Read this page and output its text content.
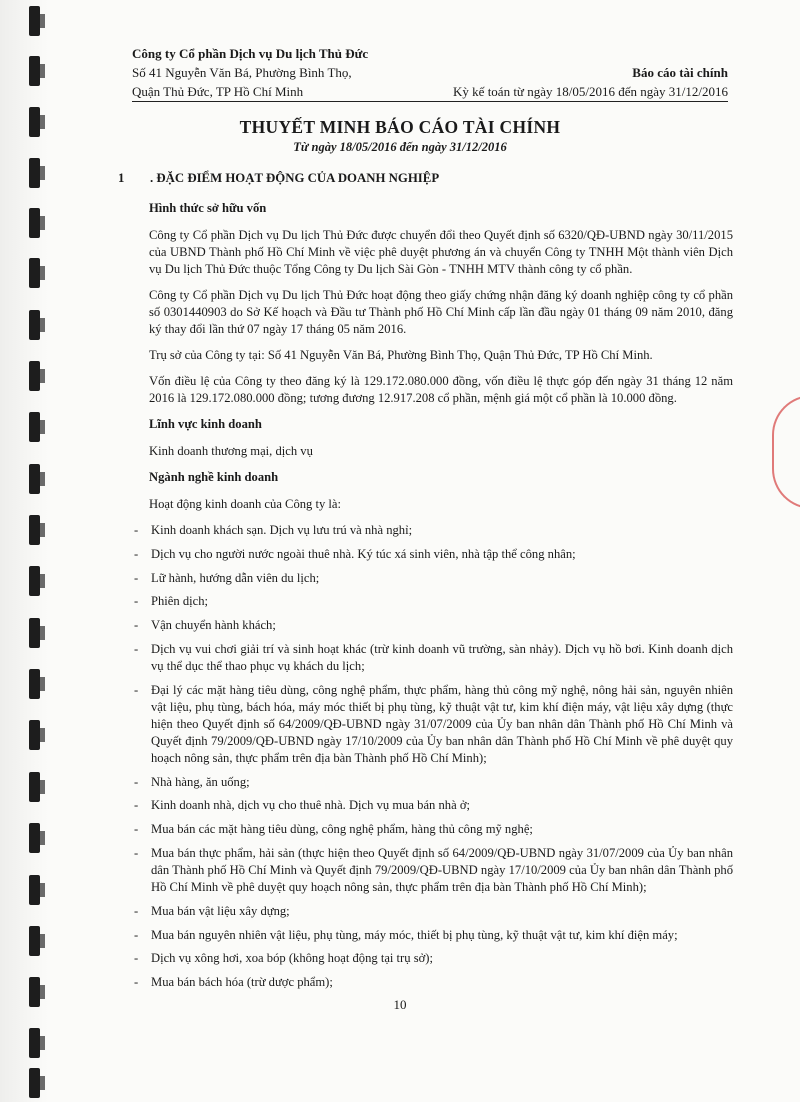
Công ty Cổ phần Dịch vụ Du lịch Thủ Đức
Số 41 Nguyễn Văn Bá, Phường Bình Thọ,
Quận Thủ Đức, TP Hồ Chí Minh
Báo cáo tài chính
Kỳ kế toán từ ngày 18/05/2016 đến ngày 31/12/2016
THUYẾT MINH BÁO CÁO TÀI CHÍNH
Từ ngày 18/05/2016 đến ngày 31/12/2016
1	. ĐẶC ĐIỂM HOẠT ĐỘNG CỦA DOANH NGHIỆP
Hình thức sở hữu vốn

Công ty Cổ phần Dịch vụ Du lịch Thủ Đức được chuyển đổi theo Quyết định số 6320/QĐ-UBND ngày 30/11/2015 của UBND Thành phố Hồ Chí Minh về việc phê duyệt phương án và chuyển Công ty TNHH Một thành viên Dịch vụ Du lịch Thủ Đức thuộc Tổng Công ty Du lịch Sài Gòn - TNHH MTV thành công ty cổ phần.

Công ty Cổ phần Dịch vụ Du lịch Thủ Đức hoạt động theo giấy chứng nhận đăng ký doanh nghiệp công ty cổ phần số 0301440903 do Sở Kế hoạch và Đầu tư Thành phố Hồ Chí Minh cấp lần đầu ngày 01 tháng 09 năm 2010, đăng ký thay đổi lần thứ 07 ngày 17 tháng 05 năm 2016.

Trụ sở của Công ty tại: Số 41 Nguyễn Văn Bá, Phường Bình Thọ, Quận Thủ Đức, TP Hồ Chí Minh.

Vốn điều lệ của Công ty theo đăng ký là 129.172.080.000 đồng, vốn điều lệ thực góp đến ngày 31 tháng 12 năm 2016 là 129.172.080.000 đồng; tương đương 12.917.208 cổ phần, mệnh giá một cổ phần là 10.000 đồng.

Lĩnh vực kinh doanh

Kinh doanh thương mại, dịch vụ

Ngành nghề kinh doanh

Hoạt động kinh doanh của Công ty là:

-	Kinh doanh khách sạn. Dịch vụ lưu trú và nhà nghỉ;
-	Dịch vụ cho người nước ngoài thuê nhà. Ký túc xá sinh viên, nhà tập thể công nhân;
-	Lữ hành, hướng dẫn viên du lịch;
-	Phiên dịch;
-	Vận chuyển hành khách;
-	Dịch vụ vui chơi giải trí và sinh hoạt khác (trừ kinh doanh vũ trường, sàn nhảy). Dịch vụ hồ bơi. Kinh doanh dịch vụ thể dục thể thao phục vụ khách du lịch;
-	Đại lý các mặt hàng tiêu dùng, công nghệ phẩm, thực phẩm, hàng thủ công mỹ nghệ, nông hải sản, nguyên nhiên vật liệu, phụ tùng, bách hóa, máy móc thiết bị phụ tùng, kỹ thuật vật tư, kim khí điện máy, vật liệu xây dựng (thực hiện theo Quyết định số 64/2009/QĐ-UBND ngày 31/07/2009 của Ủy ban nhân dân Thành phố Hồ Chí Minh và Quyết định 79/2009/QĐ-UBND ngày 17/10/2009 của Ủy ban nhân dân Thành phố Hồ Chí Minh về phê duyệt quy hoạch nông sản, thực phẩm trên địa bàn Thành phố Hồ Chí Minh);
-	Nhà hàng, ăn uống;
-	Kinh doanh nhà, dịch vụ cho thuê nhà. Dịch vụ mua bán nhà ở;
-	Mua bán các mặt hàng tiêu dùng, công nghệ phẩm, hàng thủ công mỹ nghệ;
-	Mua bán thực phẩm, hải sản (thực hiện theo Quyết định số 64/2009/QĐ-UBND ngày 31/07/2009 của Ủy ban nhân dân Thành phố Hồ Chí Minh và Quyết định 79/2009/QĐ-UBND ngày 17/10/2009 của Ủy ban nhân dân Thành phố Hồ Chí Minh về phê duyệt quy hoạch nông sản, thực phẩm trên địa bàn Thành phố Hồ Chí Minh);
-	Mua bán vật liệu xây dựng;
-	Mua bán nguyên nhiên vật liệu, phụ tùng, máy móc, thiết bị phụ tùng, kỹ thuật vật tư, kim khí điện máy;
-	Dịch vụ xông hơi, xoa bóp (không hoạt động tại trụ sở);
-	Mua bán bách hóa (trừ dược phẩm);
10
